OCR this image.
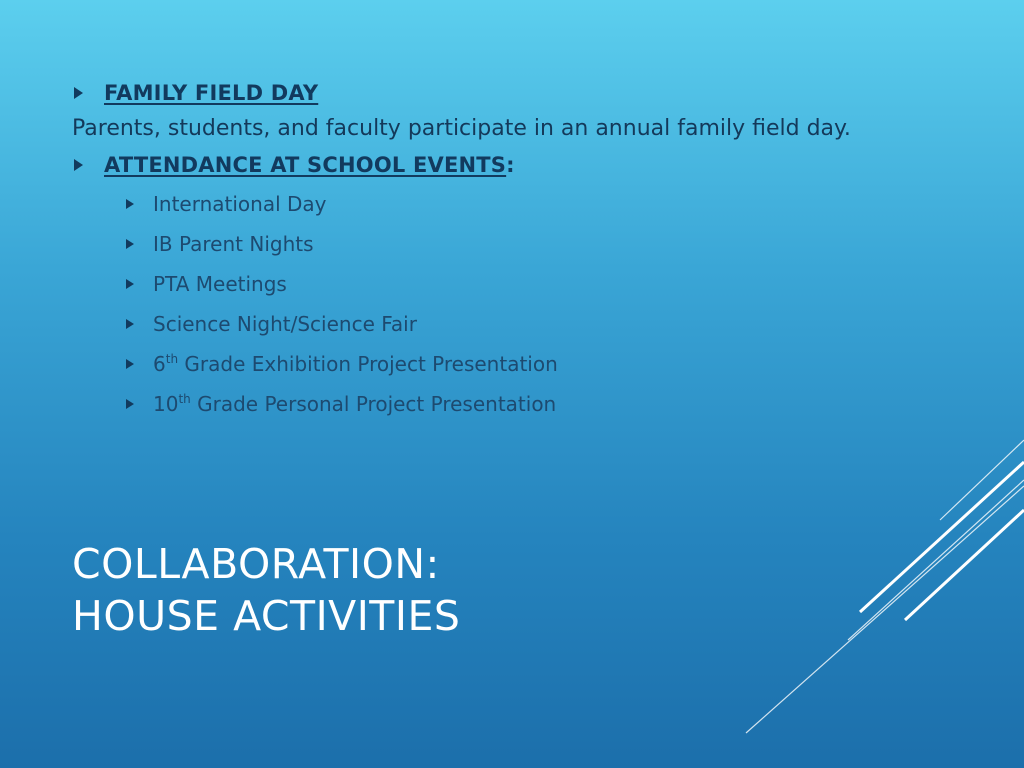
FAMILY FIELD DAY
Parents, students, and faculty participate in an annual family field day.
ATTENDANCE AT SCHOOL EVENTS :
International Day
IB Parent Nights
PTA Meetings
Science Night/Science Fair
6th Grade Exhibition Project Presentation
10th Grade Personal Project Presentation
COLLABORATION:
HOUSE ACTIVITIES
